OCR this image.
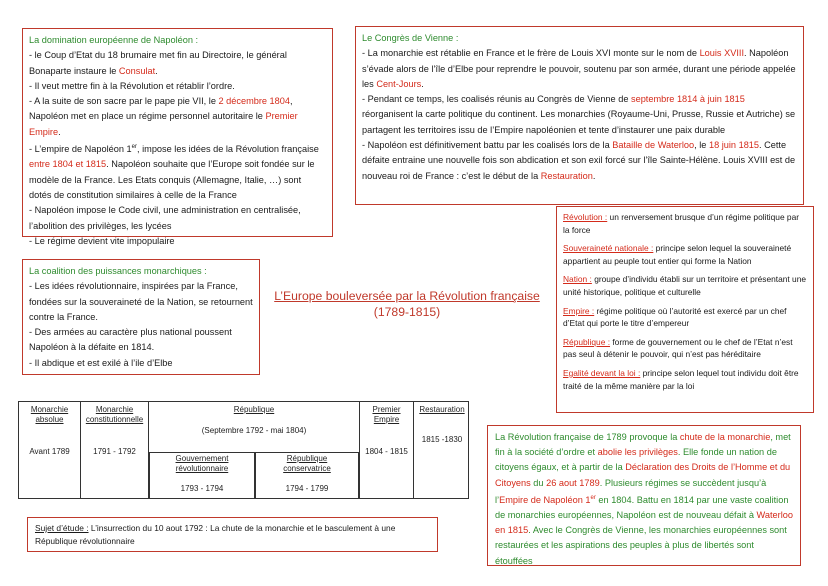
La domination européenne de Napoléon :

- le Coup d’Etat du 18 brumaire met fin au Directoire, le général Bonaparte instaure le Consulat.

- Il veut mettre fin à la Révolution et rétablir l’ordre.

- A la suite de son sacre par le pape pie VII, le 2 décembre 1804, Napoléon met en place un régime personnel autoritaire le Premier Empire.

- L’empire de Napoléon 1er, impose les idées de la Révolution française entre 1804 et 1815. Napoléon souhaite que l’Europe soit fondée sur le modèle de la France. Les Etats conquis (Allemagne, Italie, …) sont dotés de constitution similaires à celle de la France

- Napoléon impose le Code civil, une administration en centralisée, l’abolition des privilèges, les lycées

- Le régime devient vite impopulaire

Le Congrès de Vienne :

- La monarchie est rétablie en France et le frère de Louis XVI monte sur le nom de Louis XVIII. Napoléon s’évade alors de l’île d’Elbe pour reprendre le pouvoir, soutenu par son armée, durant une période appelée les Cent-Jours.

- Pendant ce temps, les coalisés réunis au Congrès de Vienne de septembre 1814 à juin 1815 réorganisent la carte politique du continent. Les monarchies (Royaume-Uni, Prusse, Russie et Autriche) se partagent les territoires issu de l’Empire napoléonien et tente d’instaurer une paix durable

- Napoléon est définitivement battu par les coalisés lors de la Bataille de Waterloo, le 18 juin 1815. Cette défaite entraine une nouvelle fois son abdication et son exil forcé sur l’île Sainte-Hélène. Louis XVIII est de nouveau roi de France : c’est le début de la Restauration.

La coalition des puissances monarchiques :

- Les idées révolutionnaire, inspirées par la France, fondées sur la souveraineté de la Nation, se retournent contre la France.

- Des armées au caractère plus national poussent Napoléon à la défaite en 1814.

- Il abdique et est exilé à l’ile d’Elbe

L’Europe bouleversée par la Révolution française
(1789-1815)

Révolution : un renversement brusque d’un régime politique par la force

Souveraineté nationale : principe selon lequel la souveraineté appartient au peuple tout entier qui forme la Nation

Nation : groupe d’individu établi sur un territoire et présentant une unité historique, politique et culturelle

Empire : régime politique où l’autorité est exercé par un chef d’Etat qui porte le titre d’empereur

République : forme de gouvernement ou le chef de l’Etat n’est pas seul à détenir le pouvoir, qui n’est pas héréditaire

Egalité devant la loi : principe selon lequel tout individu doit être traité de la même manière par la loi

Monarchie
absolue
Avant 1789
Monarchie
constitutionnelle
1791 - 1792
République
(Septembre 1792 - mai 1804)
Gouvernement
révolutionnaire
1793 - 1794
République
conservatrice
1794 - 1799
Premier
Empire
1804 - 1815
Restauration
1815 -1830	La Révolution française de 1789 provoque la chute de la monarchie, met fin à la société d’ordre et abolie les privilèges. Elle fonde un nation de citoyens égaux, et à partir de la Déclaration des Droits de l’Homme et du Citoyens du 26 aout 1789. Plusieurs régimes se succèdent jusqu’à l’Empire de Napoléon 1er en 1804. Battu en 1814 par une vaste coalition de monarchies européennes, Napoléon est de nouveau défait à Waterloo en 1815. Avec le Congrès de Vienne, les monarchies européennes sont restaurées et les aspirations des peuples à plus de libertés sont étouffées

Sujet d’étude : L’insurrection du 10 aout 1792 : La chute de la monarchie et le basculement à une République révolutionnaire
